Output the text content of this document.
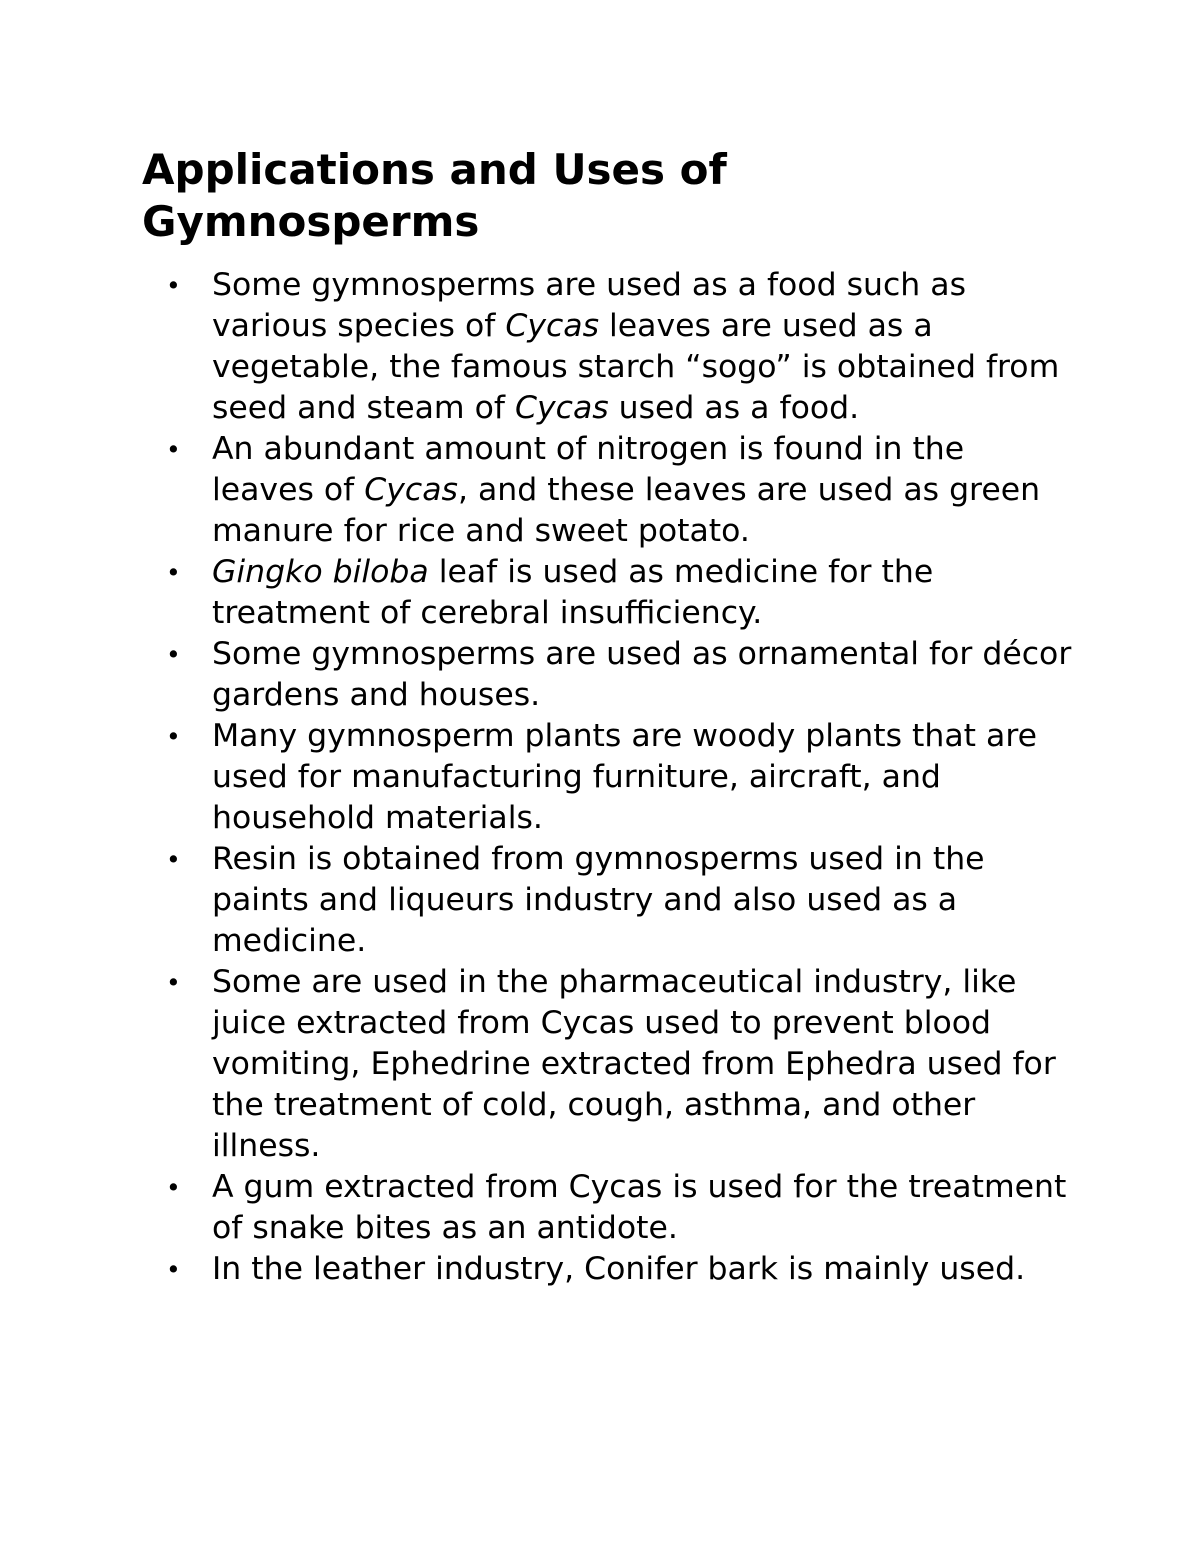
Applications and Uses of Gymnosperms
• Some gymnosperms are used as a food such as various species of Cycas leaves are used as a vegetable, the famous starch “sogo” is obtained from seed and steam of Cycas used as a food.
• An abundant amount of nitrogen is found in the leaves of Cycas, and these leaves are used as green manure for rice and sweet potato.
• Gingko biloba leaf is used as medicine for the treatment of cerebral insufficiency.
• Some gymnosperms are used as ornamental for décor gardens and houses.
• Many gymnosperm plants are woody plants that are used for manufacturing furniture, aircraft, and household materials.
• Resin is obtained from gymnosperms used in the paints and liqueurs industry and also used as a medicine.
• Some are used in the pharmaceutical industry, like juice extracted from Cycas used to prevent blood vomiting, Ephedrine extracted from Ephedra used for the treatment of cold, cough, asthma, and other illness.
• A gum extracted from Cycas is used for the treatment of snake bites as an antidote.
• In the leather industry, Conifer bark is mainly used.
